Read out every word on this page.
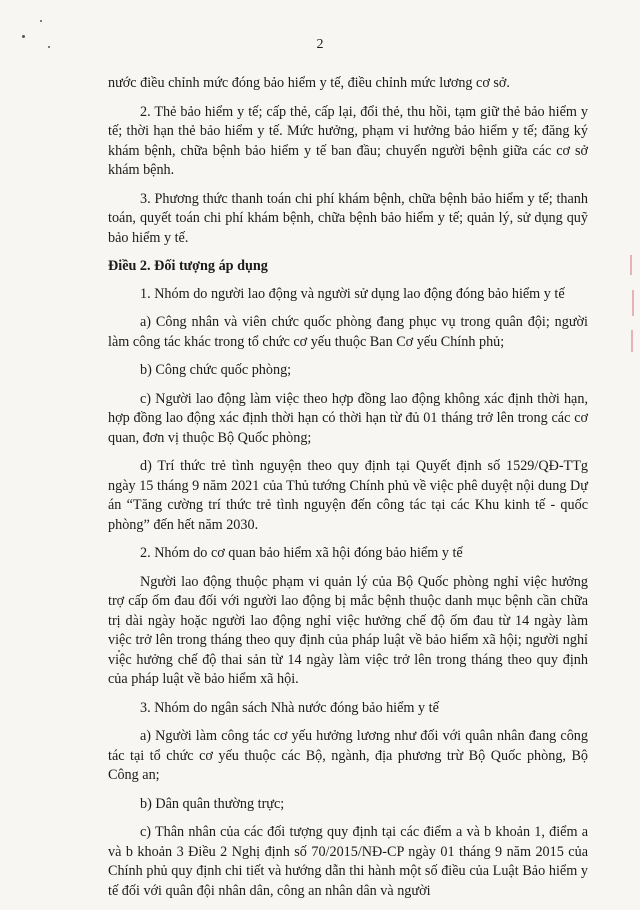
2

nước điều chỉnh mức đóng bảo hiểm y tế, điều chỉnh mức lương cơ sở.

2. Thẻ bảo hiểm y tế; cấp thẻ, cấp lại, đổi thẻ, thu hồi, tạm giữ thẻ bảo hiểm y tế; thời hạn thẻ bảo hiểm y tế. Mức hưởng, phạm vi hưởng bảo hiểm y tế; đăng ký khám bệnh, chữa bệnh bảo hiểm y tế ban đầu; chuyển người bệnh giữa các cơ sở khám bệnh.

3. Phương thức thanh toán chi phí khám bệnh, chữa bệnh bảo hiểm y tế; thanh toán, quyết toán chi phí khám bệnh, chữa bệnh bảo hiểm y tế; quản lý, sử dụng quỹ bảo hiểm y tế.

Điều 2. Đối tượng áp dụng

1. Nhóm do người lao động và người sử dụng lao động đóng bảo hiểm y tế

a) Công nhân và viên chức quốc phòng đang phục vụ trong quân đội; người làm công tác khác trong tổ chức cơ yếu thuộc Ban Cơ yếu Chính phủ;

b) Công chức quốc phòng;

c) Người lao động làm việc theo hợp đồng lao động không xác định thời hạn, hợp đồng lao động xác định thời hạn có thời hạn từ đủ 01 tháng trở lên trong các cơ quan, đơn vị thuộc Bộ Quốc phòng;

d) Trí thức trẻ tình nguyện theo quy định tại Quyết định số 1529/QĐ-TTg ngày 15 tháng 9 năm 2021 của Thủ tướng Chính phủ về việc phê duyệt nội dung Dự án “Tăng cường trí thức trẻ tình nguyện đến công tác tại các Khu kinh tế - quốc phòng” đến hết năm 2030.

2. Nhóm do cơ quan bảo hiểm xã hội đóng bảo hiểm y tế

Người lao động thuộc phạm vi quản lý của Bộ Quốc phòng nghỉ việc hưởng trợ cấp ốm đau đối với người lao động bị mắc bệnh thuộc danh mục bệnh cần chữa trị dài ngày hoặc người lao động nghỉ việc hưởng chế độ ốm đau từ 14 ngày làm việc trở lên trong tháng theo quy định của pháp luật về bảo hiểm xã hội; người nghỉ việc hưởng chế độ thai sản từ 14 ngày làm việc trở lên trong tháng theo quy định của pháp luật về bảo hiểm xã hội.

3. Nhóm do ngân sách Nhà nước đóng bảo hiểm y tế

a) Người làm công tác cơ yếu hưởng lương như đối với quân nhân đang công tác tại tổ chức cơ yếu thuộc các Bộ, ngành, địa phương trừ Bộ Quốc phòng, Bộ Công an;

b) Dân quân thường trực;

c) Thân nhân của các đối tượng quy định tại các điểm a và b khoản 1, điểm a và b khoản 3 Điều 2 Nghị định số 70/2015/NĐ-CP ngày 01 tháng 9 năm 2015 của Chính phủ quy định chi tiết và hướng dẫn thi hành một số điều của Luật Bảo hiểm y tế đối với quân đội nhân dân, công an nhân dân và người
